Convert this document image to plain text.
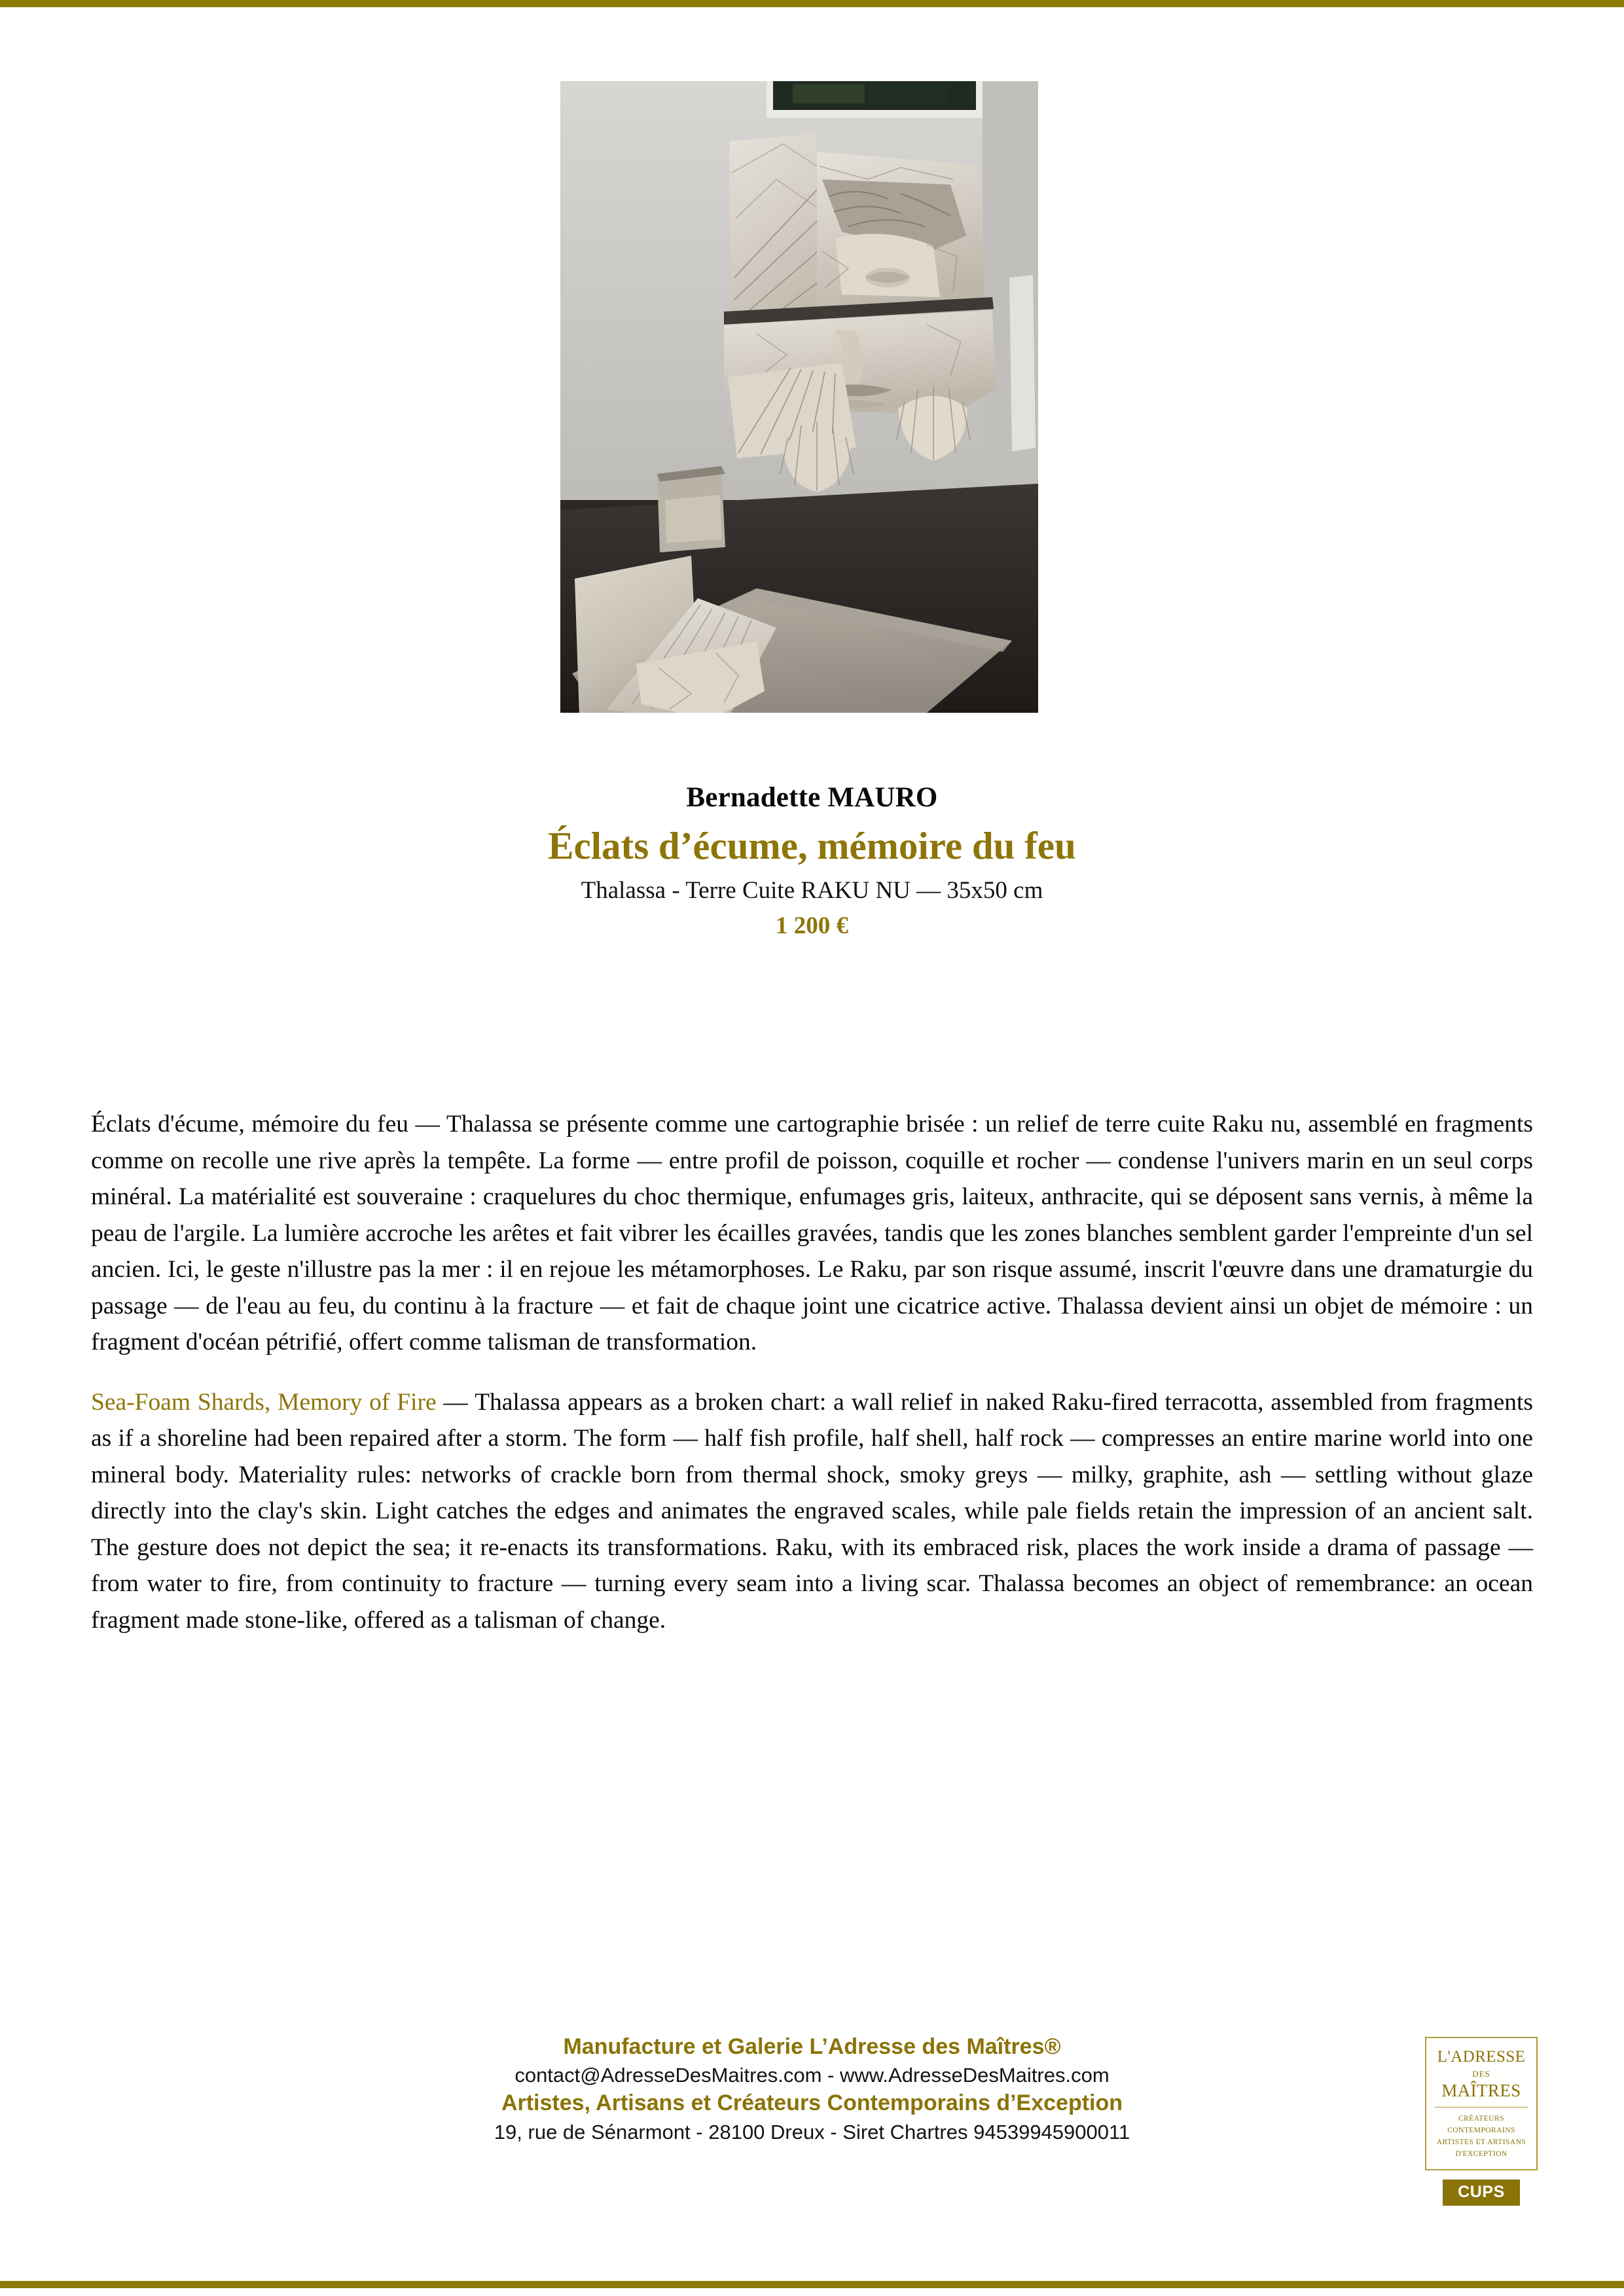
Bernadette MAURO
Éclats d’écume, mémoire du feu
Thalassa - Terre Cuite RAKU NU — 35x50 cm
1 200 €

Éclats d'écume, mémoire du feu — Thalassa se présente comme une cartographie brisée : un relief de terre cuite Raku nu, assemblé en fragments comme on recolle une rive après la tempête. La forme — entre profil de poisson, coquille et rocher — condense l'univers marin en un seul corps minéral. La matérialité est souveraine : craquelures du choc thermique, enfumages gris, laiteux, anthracite, qui se déposent sans vernis, à même la peau de l'argile. La lumière accroche les arêtes et fait vibrer les écailles gravées, tandis que les zones blanches semblent garder l'empreinte d'un sel ancien. Ici, le geste n'illustre pas la mer : il en rejoue les métamorphoses. Le Raku, par son risque assumé, inscrit l'œuvre dans une dramaturgie du passage — de l'eau au feu, du continu à la fracture — et fait de chaque joint une cicatrice active. Thalassa devient ainsi un objet de mémoire : un fragment d'océan pétrifié, offert comme talisman de transformation.

Sea-Foam Shards, Memory of Fire — Thalassa appears as a broken chart: a wall relief in naked Raku-fired terracotta, assembled from fragments as if a shoreline had been repaired after a storm. The form — half fish profile, half shell, half rock — compresses an entire marine world into one mineral body. Materiality rules: networks of crackle born from thermal shock, smoky greys — milky, graphite, ash — settling without glaze directly into the clay's skin. Light catches the edges and animates the engraved scales, while pale fields retain the impression of an ancient salt. The gesture does not depict the sea; it re-enacts its transformations. Raku, with its embraced risk, places the work inside a drama of passage — from water to fire, from continuity to fracture — turning every seam into a living scar. Thalassa becomes an object of remembrance: an ocean fragment made stone-like, offered as a talisman of change.

Manufacture et Galerie L’Adresse des Maîtres®
contact@AdresseDesMaitres.com - www.AdresseDesMaitres.com
Artistes, Artisans et Créateurs Contemporains d’Exception
19, rue de Sénarmont - 28100 Dreux - Siret Chartres 94539945900011
L'ADRESSE
DES
MAÎTRES
CRÉATEURS CONTEMPORAINS
ARTISTES ET ARTISANS
D'EXCEPTION
CUPS
